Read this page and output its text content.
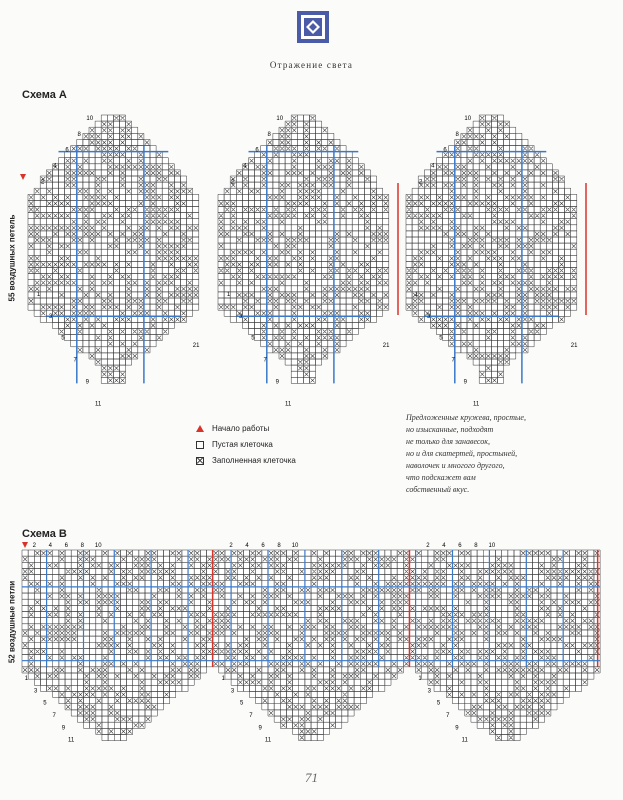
Отражение света
Схема А
55 воздушных петель
10
8
6
4
2
1
3
5
7
9
11
21
10
8
6
4
2
1
3
5
7
9
11
21
10
8
6
4
2
1
3
5
7
9
11
21
Начало работы
Пустая клеточка
Заполненная клеточка
Предложенные кружева, простые,
но изысканные, подходят
не только для занавесок,
но и для скатертей, простыней,
наволочек и многого другого,
что подскажет вам
собственный вкус.
Схема В
52 воздушные петли
2 4 6 8 10
1
3
5
7
9
11
2 4 6 8 10
1
3
5
7
9
11
2 4 6 8 10
1
3
5
7
9
11
71
